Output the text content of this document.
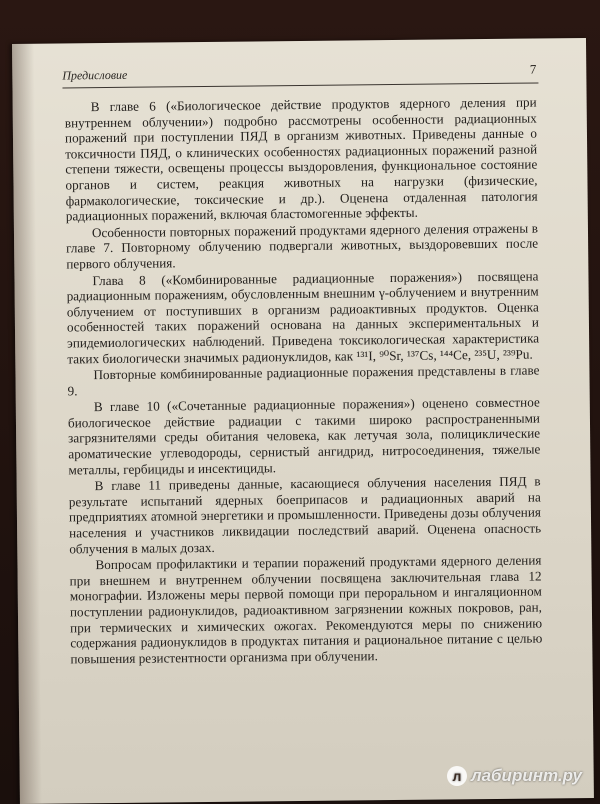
Предисловие	7

В главе 6 («Биологическое действие продуктов ядерного деления при внутреннем облучении») подробно рассмотрены особенности радиационных поражений при поступлении ПЯД в организм животных. Приведены данные о токсичности ПЯД, о клинических особенностях радиационных поражений разной степени тяжести, освещены процессы выздоровления, функциональное состояние органов и систем, реакция животных на нагрузки (физические, фармакологические, токсические и др.). Оценена отдаленная патология радиационных поражений, включая бластомогенные эффекты.

Особенности повторных поражений продуктами ядерного деления отражены в главе 7. Повторному облучению подвергали животных, выздоровевших после первого облучения.

Глава 8 («Комбинированные радиационные поражения») посвящена радиационным поражениям, обусловленным внешним γ-облучением и внутренним облучением от поступивших в организм радиоактивных продуктов. Оценка особенностей таких поражений основана на данных экспериментальных и эпидемиологических наблюдений. Приведена токсикологическая характеристика таких биологически значимых радионуклидов, как ¹³¹I, ⁹⁰Sr, ¹³⁷Cs, ¹⁴⁴Ce, ²³⁵U, ²³⁹Pu.

Повторные комбинированные радиационные поражения представлены в главе 9.

В главе 10 («Сочетанные радиационные поражения») оценено совместное биологическое действие радиации с такими широко распространенными загрязнителями среды обитания человека, как летучая зола, полициклические ароматические углеводороды, сернистый ангидрид, нитросоединения, тяжелые металлы, гербициды и инсектициды.

В главе 11 приведены данные, касающиеся облучения населения ПЯД в результате испытаний ядерных боеприпасов и радиационных аварий на предприятиях атомной энергетики и промышленности. Приведены дозы облучения населения и участников ликвидации последствий аварий. Оценена опасность облучения в малых дозах.

Вопросам профилактики и терапии поражений продуктами ядерного деления при внешнем и внутреннем облучении посвящена заключительная глава 12 монографии. Изложены меры первой помощи при пероральном и ингаляционном поступлении радионуклидов, радиоактивном загрязнении кожных покровов, ран, при термических и химических ожогах. Рекомендуются меры по снижению содержания радионуклидов в продуктах питания и рациональное питание с целью повышения резистентности организма при облучении.

л лабиринт.ру
